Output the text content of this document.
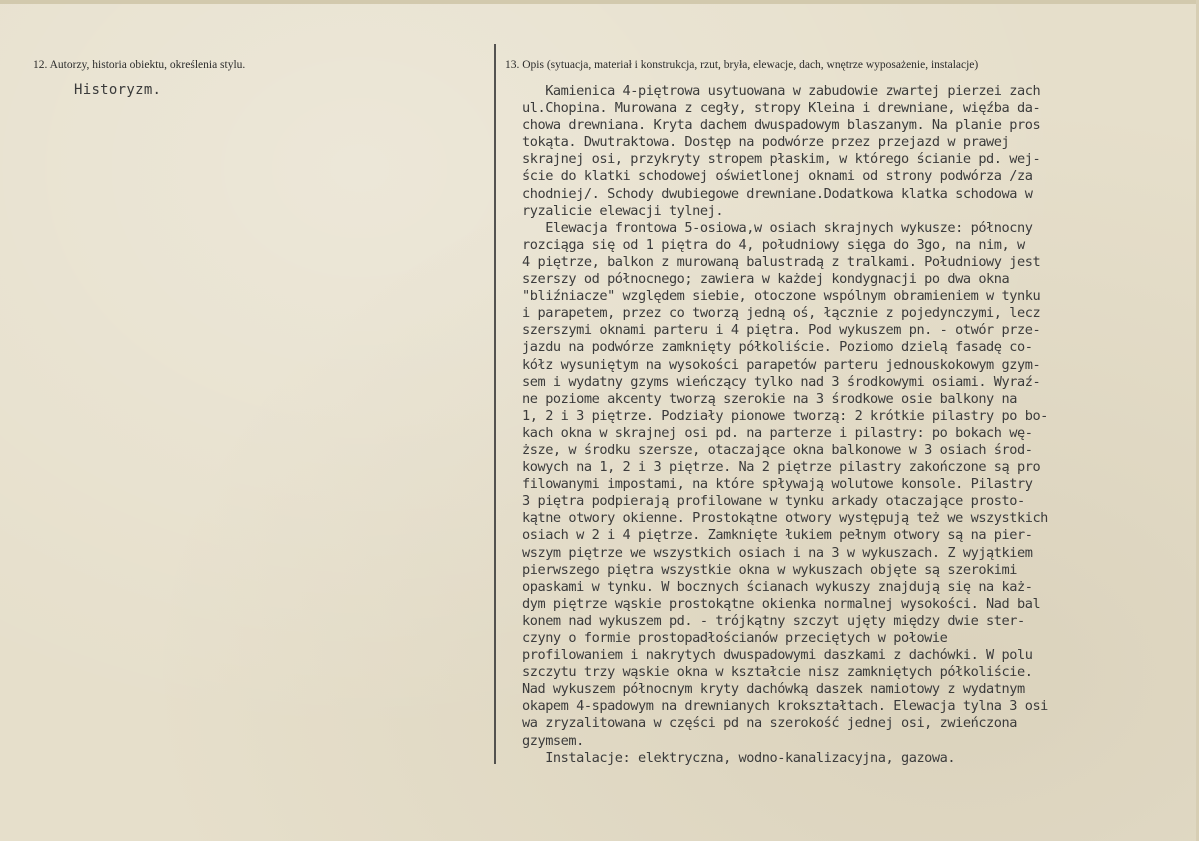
12. Autorzy, historia obiektu, określenia stylu.
Historyzm.
13. Opis (sytuacja, materiał i konstrukcja, rzut, bryła, elewacje, dach, wnętrze wyposażenie, instalacje)
Kamienica 4-piętrowa usytuowana w zabudowie zwartej pierzei zach
ul.Chopina. Murowana z cegły, stropy Kleina i drewniane, więźba da-
chowa drewniana. Kryta dachem dwuspadowym blaszanym. Na planie pros
tokąta. Dwutraktowa. Dostęp na podwórze przez przejazd w prawej
skrajnej osi, przykryty stropem płaskim, w którego ścianie pd. wej-
ście do klatki schodowej oświetlonej oknami od strony podwórza /za
chodniej/. Schody dwubiegowe drewniane.Dodatkowa klatka schodowa w
ryzalicie elewacji tylnej.
Elewacja frontowa 5-osiowa,w osiach skrajnych wykusze: północny
rozciąga się od 1 piętra do 4, południowy sięga do 3go, na nim, w
4 piętrze, balkon z murowaną balustradą z tralkami. Południowy jest
szerszy od północnego; zawiera w każdej kondygnacji po dwa okna
"bliźniacze" względem siebie, otoczone wspólnym obramieniem w tynku
i parapetem, przez co tworzą jedną oś, łącznie z pojedynczymi, lecz
szerszymi oknami parteru i 4 piętra. Pod wykuszem pn. - otwór prze-
jazdu na podwórze zamknięty półkoliście. Poziomo dzielą fasadę co-
kółz wysuniętym na wysokości parapetów parteru jednouskokowym gzym-
sem i wydatny gzyms wieńczący tylko nad 3 środkowymi osiami. Wyraź-
ne poziome akcenty tworzą szerokie na 3 środkowe osie balkony na
1, 2 i 3 piętrze. Podziały pionowe tworzą: 2 krótkie pilastry po bo-
kach okna w skrajnej osi pd. na parterze i pilastry: po bokach wę-
ższe, w środku szersze, otaczające okna balkonowe w 3 osiach środ-
kowych na 1, 2 i 3 piętrze. Na 2 piętrze pilastry zakończone są pro
filowanymi impostami, na które spływają wolutowe konsole. Pilastry
3 piętra podpierają profilowane w tynku arkady otaczające prosto-
kątne otwory okienne. Prostokątne otwory występują też we wszystkich
osiach w 2 i 4 piętrze. Zamknięte łukiem pełnym otwory są na pier-
wszym piętrze we wszystkich osiach i na 3 w wykuszach. Z wyjątkiem
pierwszego piętra wszystkie okna w wykuszach objęte są szerokimi
opaskami w tynku. W bocznych ścianach wykuszy znajdują się na każ-
dym piętrze wąskie prostokątne okienka normalnej wysokości. Nad bal
konem nad wykuszem pd. - trójkątny szczyt ujęty między dwie ster-
czyny o formie prostopadłościanów przeciętych w połowie
profilowaniem i nakrytych dwuspadowymi daszkami z dachówki. W polu
szczytu trzy wąskie okna w kształcie nisz zamkniętych półkoliście.
Nad wykuszem północnym kryty dachówką daszek namiotowy z wydatnym
okapem 4-spadowym na drewnianych krokształtach. Elewacja tylna 3 osi
wa zryzalitowana w części pd na szerokość jednej osi, zwieńczona
gzymsem.
Instalacje: elektryczna, wodno-kanalizacyjna, gazowa.
